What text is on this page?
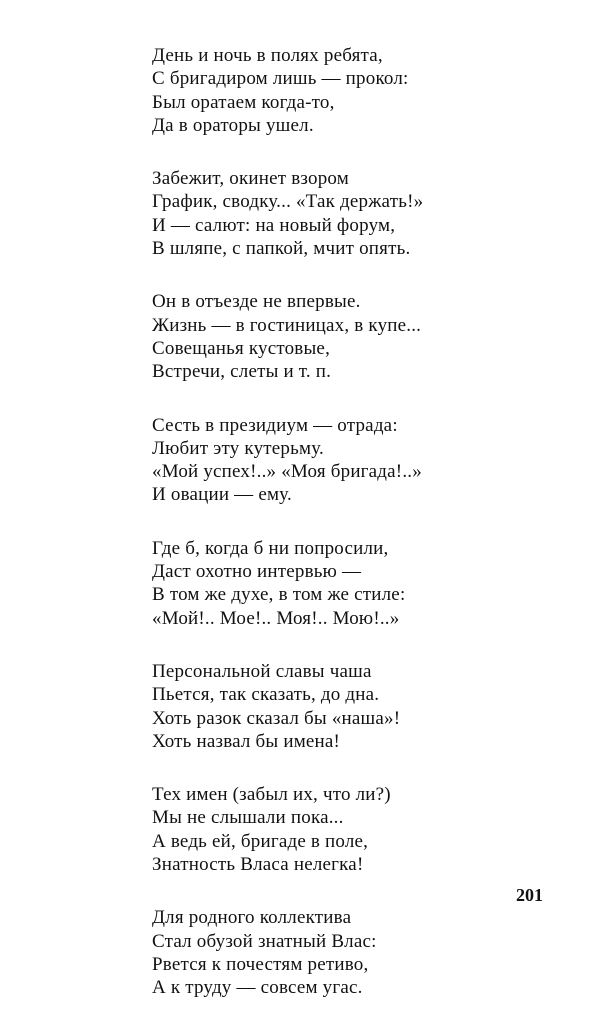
День и ночь в полях ребята,
С бригадиром лишь — прокол:
Был оратаем когда-то,
Да в ораторы ушел.
Забежит, окинет взором
График, сводку... «Так держать!»
И — салют: на новый форум,
В шляпе, с папкой, мчит опять.
Он в отъезде не впервые.
Жизнь — в гостиницах, в купе...
Совещанья кустовые,
Встречи, слеты и т. п.
Сесть в президиум — отрада:
Любит эту кутерьму.
«Мой успех!..» «Моя бригада!..»
И овации — ему.
Где б, когда б ни попросили,
Даст охотно интервью —
В том же духе, в том же стиле:
«Мой!.. Мое!.. Моя!.. Мою!..»
Персональной славы чаша
Пьется, так сказать, до дна.
Хоть разок сказал бы «наша»!
Хоть назвал бы имена!
Тех имен (забыл их, что ли?)
Мы не слышали пока...
А ведь ей, бригаде в поле,
Знатность Власа нелегка!
Для родного коллектива
Стал обузой знатный Влас:
Рвется к почестям ретиво,
А к труду — совсем угас.
201
